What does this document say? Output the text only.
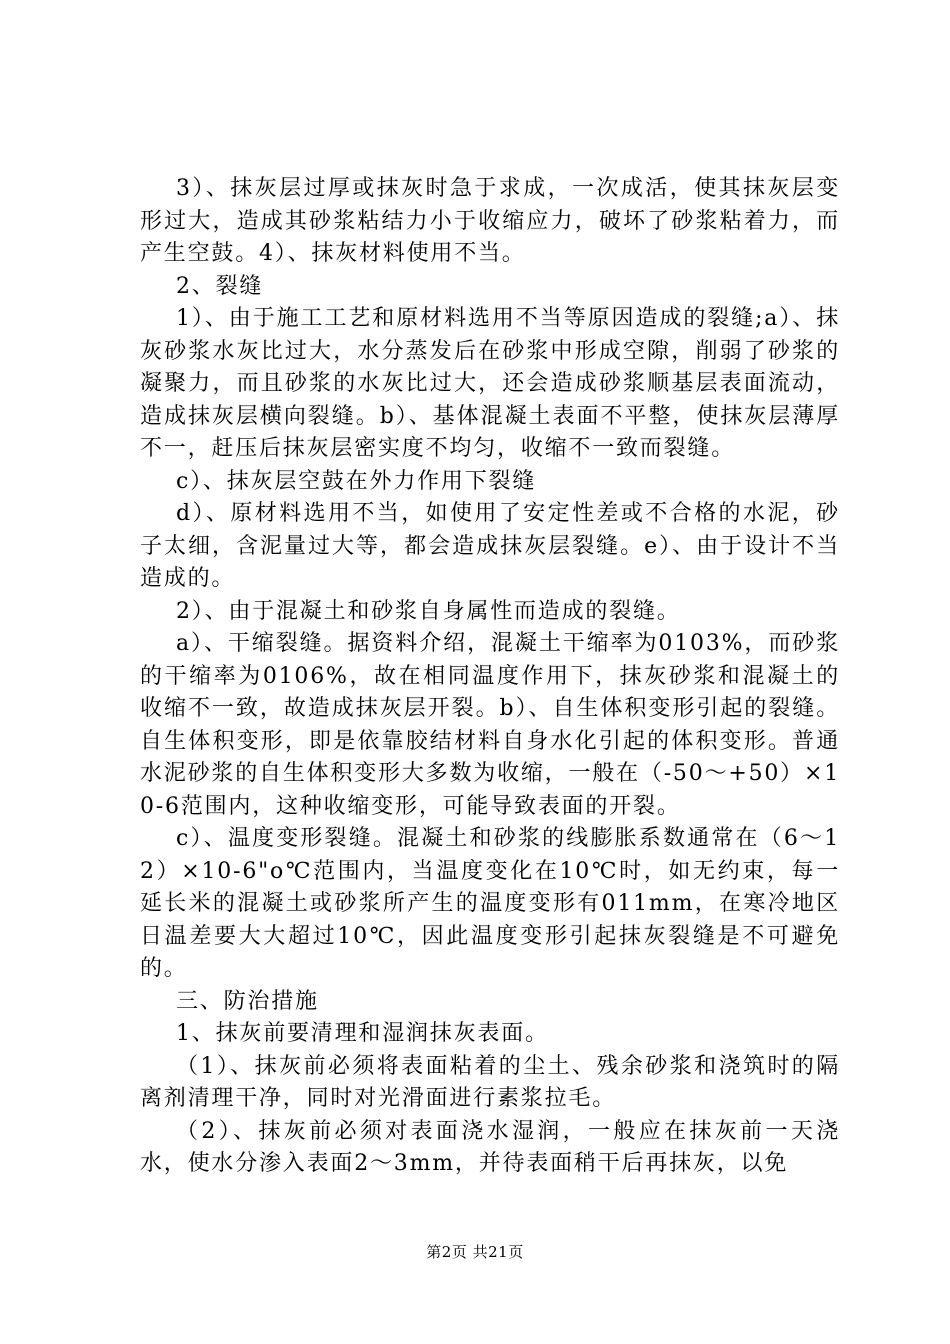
3）、抹灰层过厚或抹灰时急于求成，一次成活，使其抹灰层变形过大，造成其砂浆粘结力小于收缩应力，破坏了砂浆粘着力，而产生空鼓。4）、抹灰材料使用不当。

2、裂缝

1）、由于施工工艺和原材料选用不当等原因造成的裂缝;a）、抹灰砂浆水灰比过大，水分蒸发后在砂浆中形成空隙，削弱了砂浆的凝聚力，而且砂浆的水灰比过大，还会造成砂浆顺基层表面流动，造成抹灰层横向裂缝。b）、基体混凝土表面不平整，使抹灰层薄厚不一，赶压后抹灰层密实度不均匀，收缩不一致而裂缝。

c）、抹灰层空鼓在外力作用下裂缝

d）、原材料选用不当，如使用了安定性差或不合格的水泥，砂子太细，含泥量过大等，都会造成抹灰层裂缝。e）、由于设计不当造成的。

2）、由于混凝土和砂浆自身属性而造成的裂缝。

a）、干缩裂缝。据资料介绍，混凝土干缩率为0103%，而砂浆的干缩率为0106%，故在相同温度作用下，抹灰砂浆和混凝土的收缩不一致，故造成抹灰层开裂。b）、自生体积变形引起的裂缝。自生体积变形，即是依靠胶结材料自身水化引起的体积变形。普通水泥砂浆的自生体积变形大多数为收缩，一般在（-50～+50）×10-6范围内，这种收缩变形，可能导致表面的开裂。

c）、温度变形裂缝。混凝土和砂浆的线膨胀系数通常在（6～12）×10-6"o℃范围内，当温度变化在10℃时，如无约束，每一延长米的混凝土或砂浆所产生的温度变形有011mm，在寒冷地区日温差要大大超过10℃，因此温度变形引起抹灰裂缝是不可避免的。

三、防治措施

1、抹灰前要清理和湿润抹灰表面。

（1）、抹灰前必须将表面粘着的尘土、残余砂浆和浇筑时的隔离剂清理干净，同时对光滑面进行素浆拉毛。

（2）、抹灰前必须对表面浇水湿润，一般应在抹灰前一天浇水，使水分渗入表面2～3mm，并待表面稍干后再抹灰，以免

第2页 共21页
